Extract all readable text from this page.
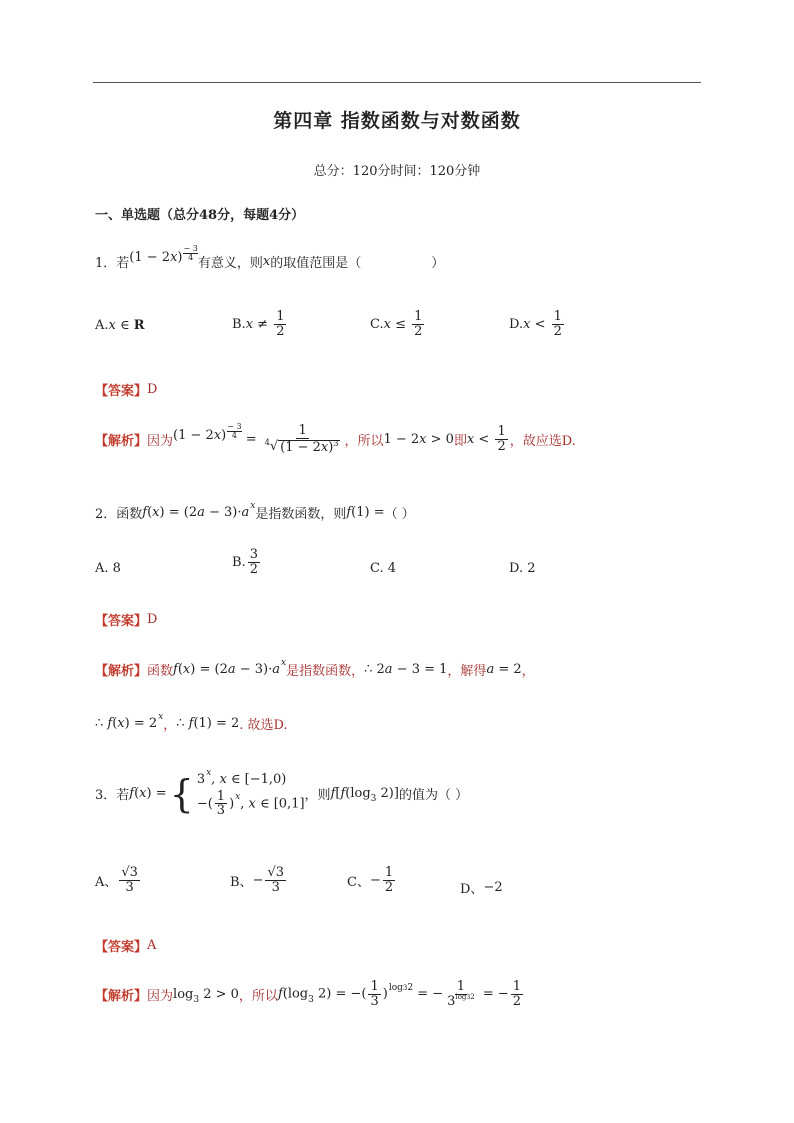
第四章 指数函数与对数函数
总分：120分时间：120分钟
一、单选题（总分48分，每题4分）
1．若 $(1 - 2x) \frac{- 3}{4}$
有意义，则 x 的取值范围是（	）
A. x ∈ R	B. $x \ne \frac{1}{2}$	C. $x \le \frac{1}{2}$	D. $x < \frac{1}{2}$
【答案】 D
【解析】 因为 $(1 - 2x) \frac{- 3}{4} = \frac{1}{4 √ (1 - 2x)^3}$ ，所以 1 − 2x > 0 即 $x < \frac{1}{2}$ ，故应选D.
2．函数 $f(x) = (2a - 3)\cdot a^x$
是指数函数，则 f(1) = （ ）
A. 8	B. $\frac{3}{2}$	C. 4	D. 2
【答案】 D
【解析】 函数 $f(x) = (2a - 3)\cdot a^x$
是指数函数， ∴ 2a − 3 = 1 ，解得 a = 2 ，
∴ $f(x) = 2^x$
， ∴ f(1) = 2 . 故选D.
3．若 f(x) = { 3$^x$, x ∈ [−1,0)
−( $\frac{1}{3} )^x$, x ∈ [0,1]
，则 $f[f(\log_3$ 2)] 的值为（ ）
A、 $\frac{√3}{3}$	B、 − $\frac{√3}{3}$	C、 − $\frac{1}{2}$	D、 −2
【答案】 A
【解析】 因为 $\log_3 2 > 0$ ，所以 $f(\log_3$ 2) = −( $\frac{1}{3} )^{log32}$ = − $\frac{1}{3^{log32}}$ = − $\frac{1}{2}$
